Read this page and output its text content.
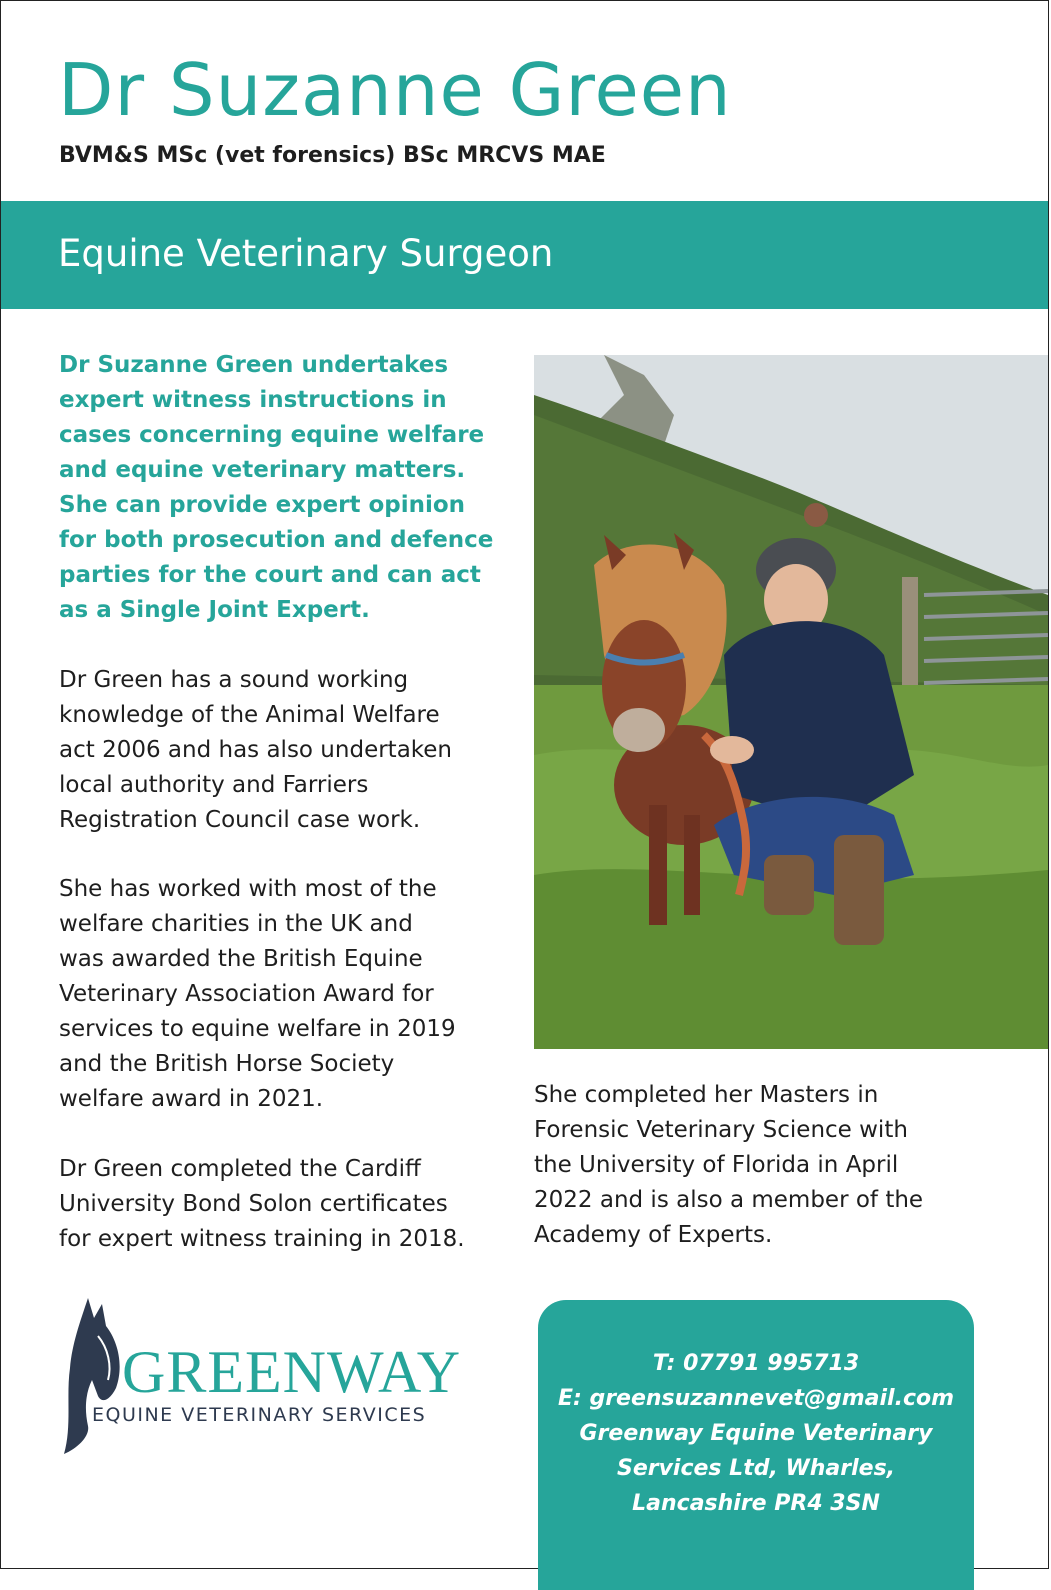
Dr Suzanne Green
BVM&S MSc (vet forensics) BSc MRCVS MAE
Equine Veterinary Surgeon

Dr Suzanne Green undertakes
expert witness instructions in
cases concerning equine welfare
and equine veterinary matters.
She can provide expert opinion
for both prosecution and defence
parties for the court and can act
as a Single Joint Expert.

Dr Green has a sound working
knowledge of the Animal Welfare
act 2006 and has also undertaken
local authority and Farriers
Registration Council case work.

She has worked with most of the
welfare charities in the UK and
was awarded the British Equine
Veterinary Association Award for
services to equine welfare in 2019
and the British Horse Society
welfare award in 2021.

Dr Green completed the Cardiff
University Bond Solon certificates
for expert witness training in 2018.

She completed her Masters in
Forensic Veterinary Science with
the University of Florida in April
2022 and is also a member of the
Academy of Experts.

GREENWAY
EQUINE VETERINARY SERVICES
T: 07791 995713
E: greensuzannevet@gmail.com
Greenway Equine Veterinary
Services Ltd, Wharles,
Lancashire PR4 3SN
